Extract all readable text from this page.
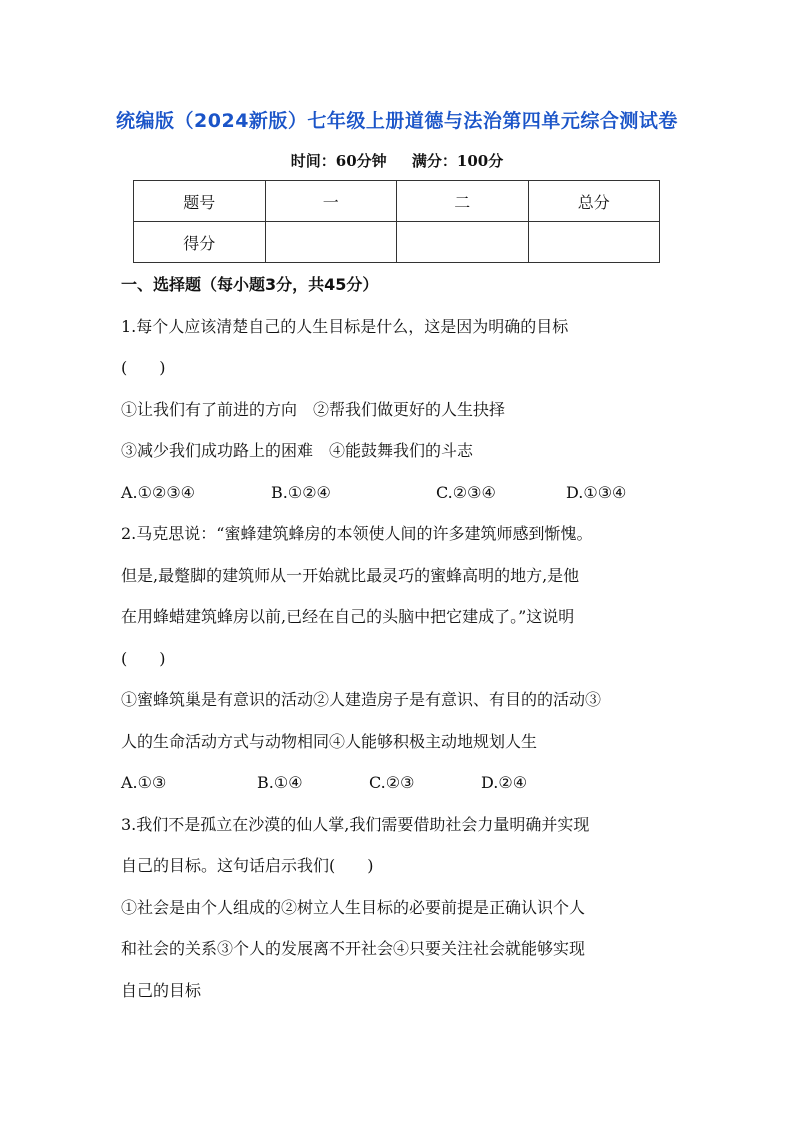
统编版（2024新版）七年级上册道德与法治第四单元综合测试卷
时间：60分钟 满分：100分
题号	一	二	总分
得分			
一、选择题（每小题3分，共45分）
1.每个人应该清楚自己的人生目标是什么，这是因为明确的目标
(　　)
①让我们有了前进的方向　②帮我们做更好的人生抉择
③减少我们成功路上的困难　④能鼓舞我们的斗志
A.①②③④	B.①②④	C.②③④	D.①③④
2.马克思说：“蜜蜂建筑蜂房的本领使人间的许多建筑师感到惭愧。
但是,最蹩脚的建筑师从一开始就比最灵巧的蜜蜂高明的地方,是他
在用蜂蜡建筑蜂房以前,已经在自己的头脑中把它建成了。”这说明
(　　)
①蜜蜂筑巢是有意识的活动②人建造房子是有意识、有目的的活动③
人的生命活动方式与动物相同④人能够积极主动地规划人生
A.①③	B.①④	C.②③	D.②④
3.我们不是孤立在沙漠的仙人掌,我们需要借助社会力量明确并实现
自己的目标。这句话启示我们(　　)
①社会是由个人组成的②树立人生目标的必要前提是正确认识个人
和社会的关系③个人的发展离不开社会④只要关注社会就能够实现
自己的目标
